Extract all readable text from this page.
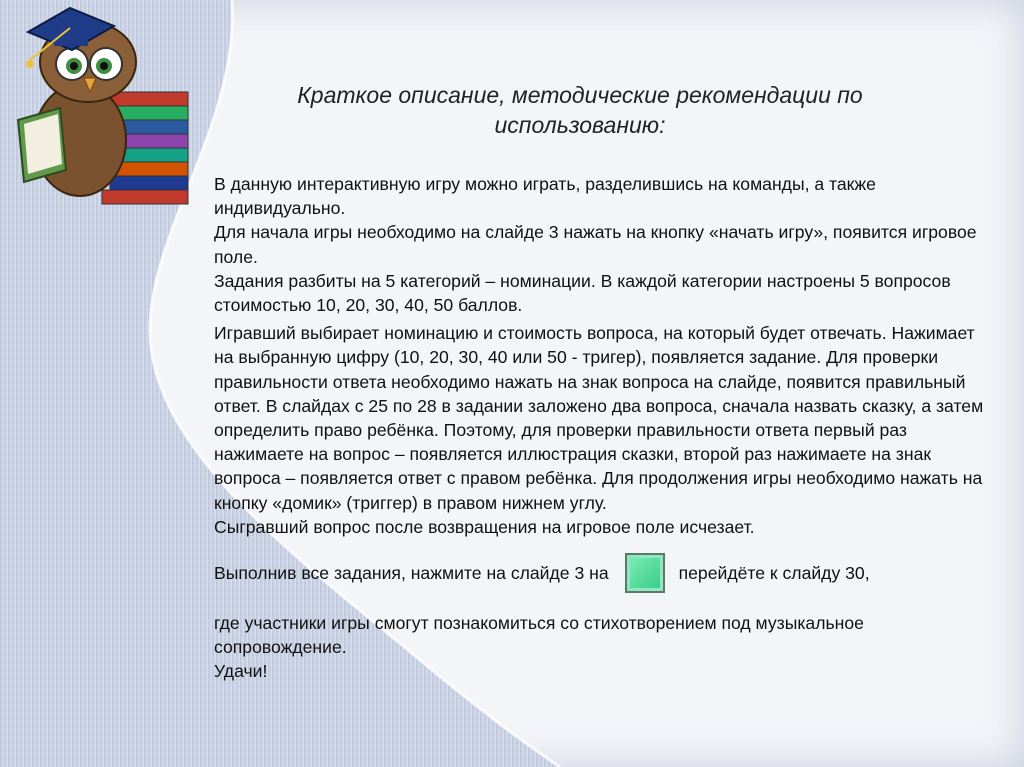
Краткое описание, методические рекомендации по
использованию:

В данную интерактивную игру можно играть, разделившись на команды, а также индивидуально.
Для начала игры необходимо на слайде 3 нажать на кнопку «начать игру», появится игровое поле.
Задания разбиты на 5 категорий – номинации. В каждой категории настроены 5 вопросов стоимостью 10, 20, 30, 40, 50 баллов.

Игравший выбирает номинацию и стоимость вопроса, на который будет отвечать. Нажимает на выбранную цифру (10, 20, 30, 40 или 50 - тригер), появляется задание. Для проверки правильности ответа необходимо нажать на знак вопроса на слайде, появится правильный ответ. В слайдах с 25 по 28 в задании заложено два вопроса, сначала назвать сказку, а затем определить право ребёнка. Поэтому, для проверки правильности ответа первый раз нажимаете на вопрос – появляется иллюстрация сказки, второй раз нажимаете на знак вопроса – появляется ответ с правом ребёнка. Для продолжения игры необходимо нажать на кнопку «домик» (триггер) в правом нижнем углу.
Сыгравший вопрос после возвращения на игровое поле исчезает.

Выполнив все задания, нажмите на слайде 3 на	перейдёте к слайду 30,

где участники игры смогут познакомиться со стихотворением под музыкальное сопровождение.
Удачи!
